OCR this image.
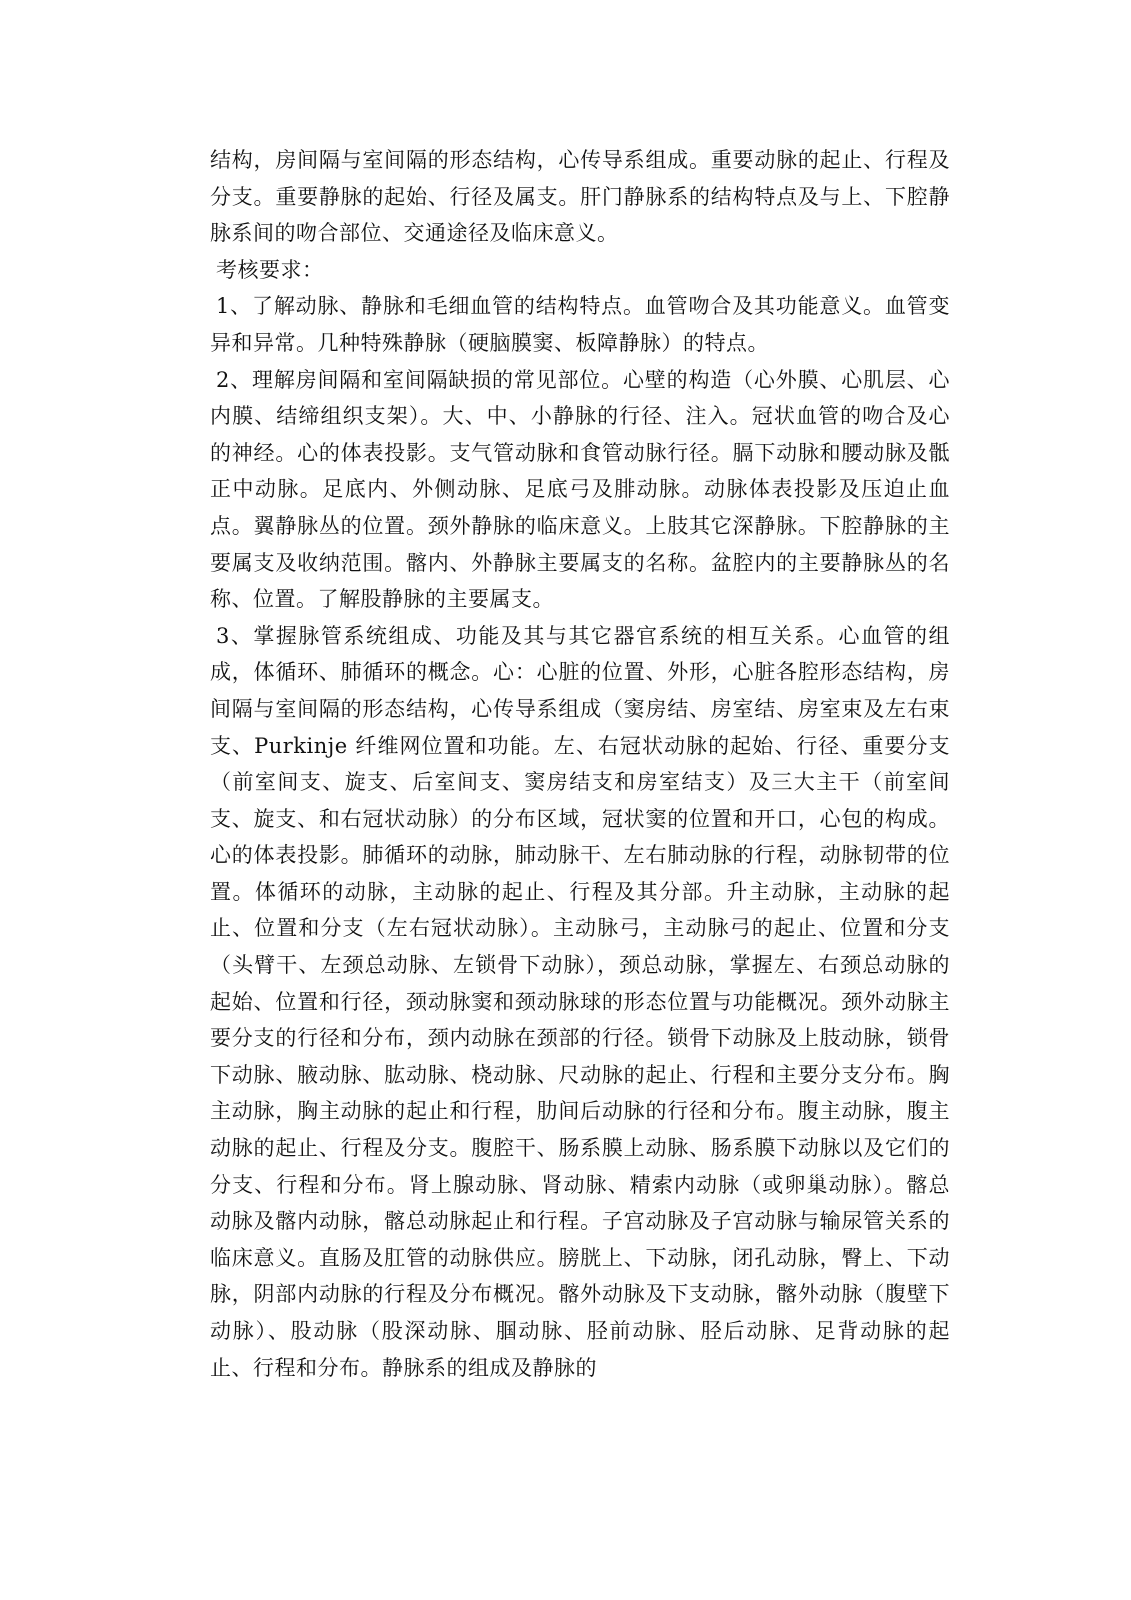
结构，房间隔与室间隔的形态结构，心传导系组成。重要动脉的起止、行程及分支。重要静脉的起始、行径及属支。肝门静脉系的结构特点及与上、下腔静脉系间的吻合部位、交通途径及临床意义。

考核要求：

1、了解动脉、静脉和毛细血管的结构特点。血管吻合及其功能意义。血管变异和异常。几种特殊静脉（硬脑膜窦、板障静脉）的特点。

2、理解房间隔和室间隔缺损的常见部位。心壁的构造（心外膜、心肌层、心内膜、结缔组织支架）。大、中、小静脉的行径、注入。冠状血管的吻合及心的神经。心的体表投影。支气管动脉和食管动脉行径。膈下动脉和腰动脉及骶正中动脉。足底内、外侧动脉、足底弓及腓动脉。动脉体表投影及压迫止血点。翼静脉丛的位置。颈外静脉的临床意义。上肢其它深静脉。下腔静脉的主要属支及收纳范围。髂内、外静脉主要属支的名称。盆腔内的主要静脉丛的名称、位置。了解股静脉的主要属支。

3、掌握脉管系统组成、功能及其与其它器官系统的相互关系。心血管的组成，体循环、肺循环的概念。心：心脏的位置、外形，心脏各腔形态结构，房间隔与室间隔的形态结构，心传导系组成（窦房结、房室结、房室束及左右束支、Purkinje 纤维网位置和功能。左、右冠状动脉的起始、行径、重要分支（前室间支、旋支、后室间支、窦房结支和房室结支）及三大主干（前室间支、旋支、和右冠状动脉）的分布区域，冠状窦的位置和开口，心包的构成。心的体表投影。肺循环的动脉，肺动脉干、左右肺动脉的行程，动脉韧带的位置。体循环的动脉，主动脉的起止、行程及其分部。升主动脉，主动脉的起止、位置和分支（左右冠状动脉）。主动脉弓，主动脉弓的起止、位置和分支（头臂干、左颈总动脉、左锁骨下动脉），颈总动脉，掌握左、右颈总动脉的起始、位置和行径，颈动脉窦和颈动脉球的形态位置与功能概况。颈外动脉主要分支的行径和分布，颈内动脉在颈部的行径。锁骨下动脉及上肢动脉，锁骨下动脉、腋动脉、肱动脉、桡动脉、尺动脉的起止、行程和主要分支分布。胸主动脉，胸主动脉的起止和行程，肋间后动脉的行径和分布。腹主动脉，腹主动脉的起止、行程及分支。腹腔干、肠系膜上动脉、肠系膜下动脉以及它们的分支、行程和分布。肾上腺动脉、肾动脉、精索内动脉（或卵巢动脉）。髂总动脉及髂内动脉，髂总动脉起止和行程。子宫动脉及子宫动脉与输尿管关系的临床意义。直肠及肛管的动脉供应。膀胱上、下动脉，闭孔动脉，臀上、下动脉，阴部内动脉的行程及分布概况。髂外动脉及下支动脉，髂外动脉（腹壁下动脉）、股动脉（股深动脉、腘动脉、胫前动脉、胫后动脉、足背动脉的起止、行程和分布。静脉系的组成及静脉的
